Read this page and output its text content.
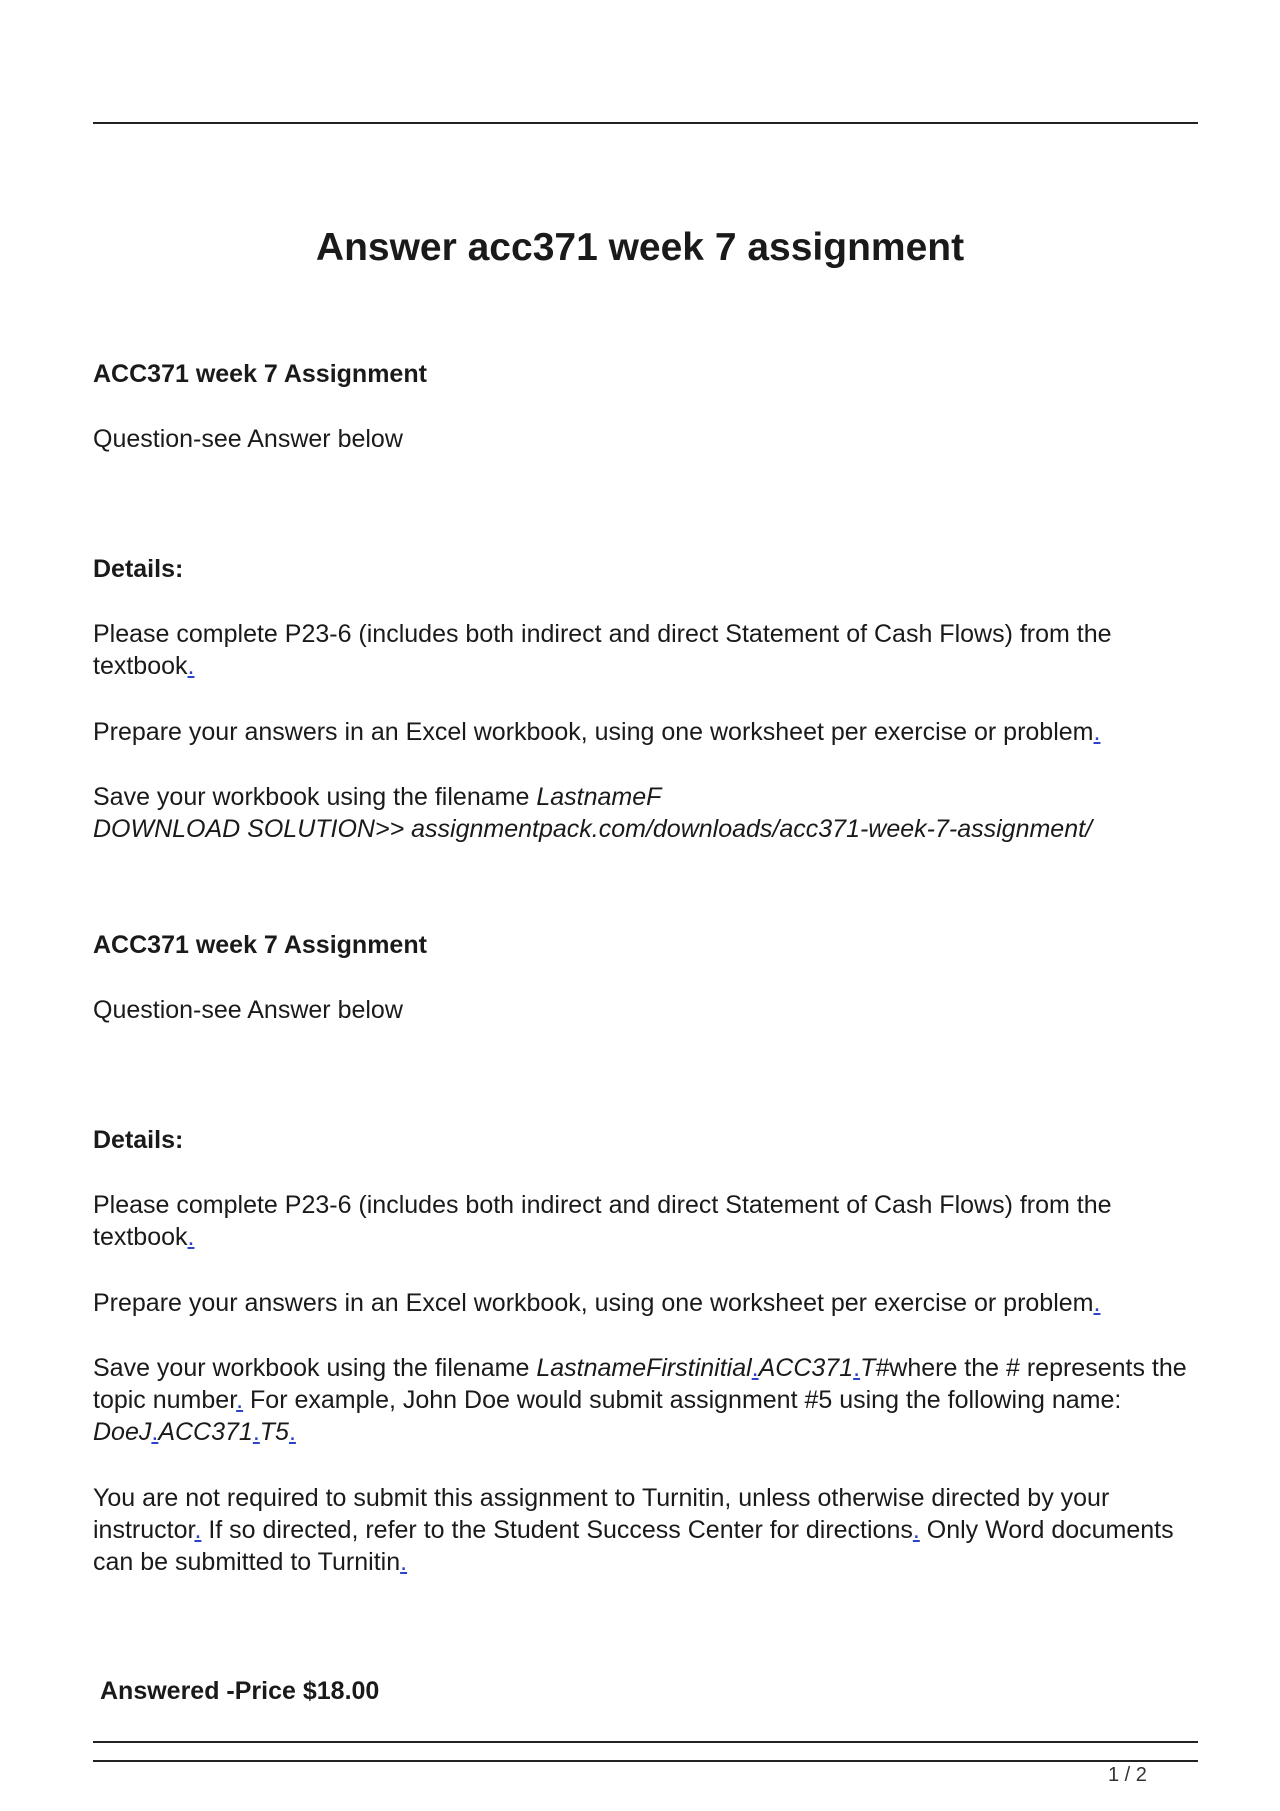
Answer acc371 week 7 assignment

ACC371 week 7 Assignment

Question-see Answer below

Details:

Please complete P23-6 (includes both indirect and direct Statement of Cash Flows) from the textbook.

Prepare your answers in an Excel workbook, using one worksheet per exercise or problem.

Save your workbook using the filename LastnameF
DOWNLOAD SOLUTION>> assignmentpack.com/downloads/acc371-week-7-assignment/

ACC371 week 7 Assignment

Question-see Answer below

Details:

Please complete P23-6 (includes both indirect and direct Statement of Cash Flows) from the textbook.

Prepare your answers in an Excel workbook, using one worksheet per exercise or problem.

Save your workbook using the filename LastnameFirstinitial.ACC371.T#where the # represents the topic number. For example, John Doe would submit assignment #5 using the following name: DoeJ.ACC371.T5.

You are not required to submit this assignment to Turnitin, unless otherwise directed by your instructor. If so directed, refer to the Student Success Center for directions. Only Word documents can be submitted to Turnitin.

Answered -Price $18.00

1 / 2
